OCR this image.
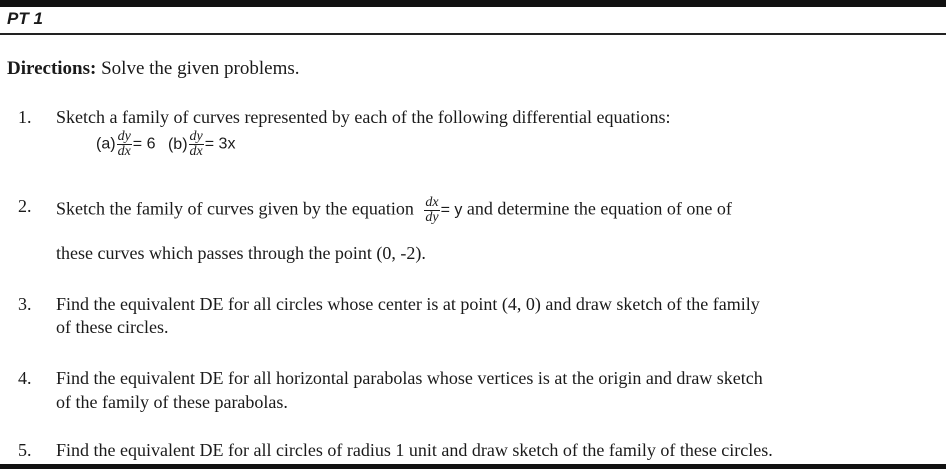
PT 1
Directions: Solve the given problems.
1. Sketch a family of curves represented by each of the following differential equations:
$(a) \frac{dy}{dx} = 6$ $(b) \frac{dy}{dx} = 3x$
2. Sketch the family of curves given by the equation $\frac{dx}{dy} = y$ and determine the equation of one of
these curves which passes through the point (0, -2).
3. Find the equivalent DE for all circles whose center is at point (4, 0) and draw sketch of the family
of these circles.
4. Find the equivalent DE for all horizontal parabolas whose vertices is at the origin and draw sketch
of the family of these parabolas.
5. Find the equivalent DE for all circles of radius 1 unit and draw sketch of the family of these circles.
